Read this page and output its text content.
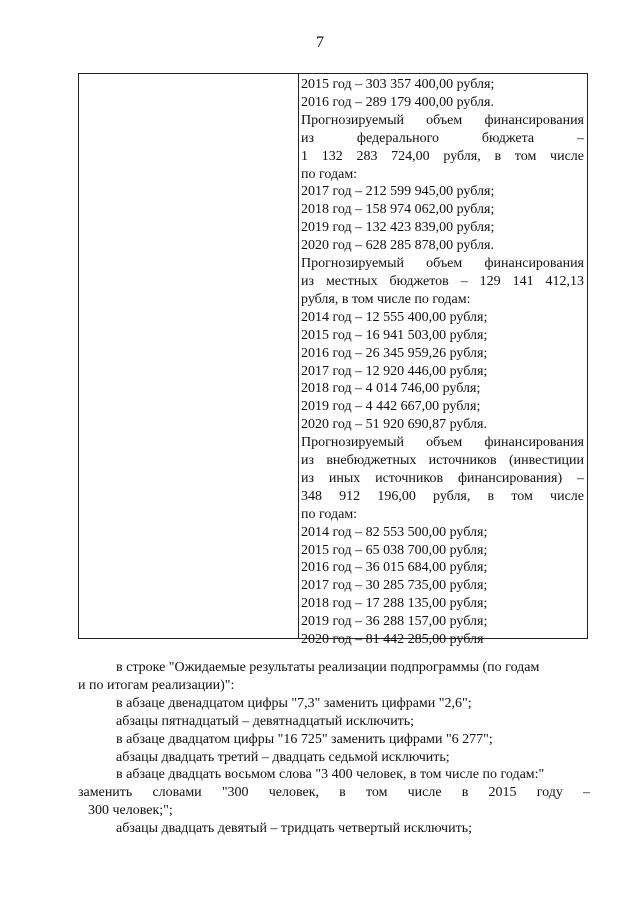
7
2015 год – 303 357 400,00 рубля;
2016 год – 289 179 400,00 рубля.
Прогнозируемый объем финансирования
из федерального бюджета –
1 132 283 724,00 рубля, в том числе
по годам:
2017 год – 212 599 945,00 рубля;
2018 год – 158 974 062,00 рубля;
2019 год – 132 423 839,00 рубля;
2020 год – 628 285 878,00 рубля.
Прогнозируемый объем финансирования
из местных бюджетов – 129 141 412,13
рубля, в том числе по годам:
2014 год – 12 555 400,00 рубля;
2015 год – 16 941 503,00 рубля;
2016 год – 26 345 959,26 рубля;
2017 год – 12 920 446,00 рубля;
2018 год – 4 014 746,00 рубля;
2019 год – 4 442 667,00 рубля;
2020 год – 51 920 690,87 рубля.
Прогнозируемый объем финансирования
из внебюджетных источников (инвестиции
из иных источников финансирования) –
348 912 196,00 рубля, в том числе
по годам:
2014 год – 82 553 500,00 рубля;
2015 год – 65 038 700,00 рубля;
2016 год – 36 015 684,00 рубля;
2017 год – 30 285 735,00 рубля;
2018 год – 17 288 135,00 рубля;
2019 год – 36 288 157,00 рубля;
2020 год – 81 442 285,00 рубля
в строке "Ожидаемые результаты реализации подпрограммы (по годам
и по итогам реализации)":
в абзаце двенадцатом цифры "7,3" заменить цифрами "2,6";
абзацы пятнадцатый – девятнадцатый исключить;
в абзаце двадцатом цифры "16 725" заменить цифрами "6 277";
абзацы двадцать третий – двадцать седьмой исключить;
в абзаце двадцать восьмом слова "3 400 человек, в том числе по годам:"
заменить словами "300 человек, в том числе в 2015 году –
300 человек;";
абзацы двадцать девятый – тридцать четвертый исключить;
